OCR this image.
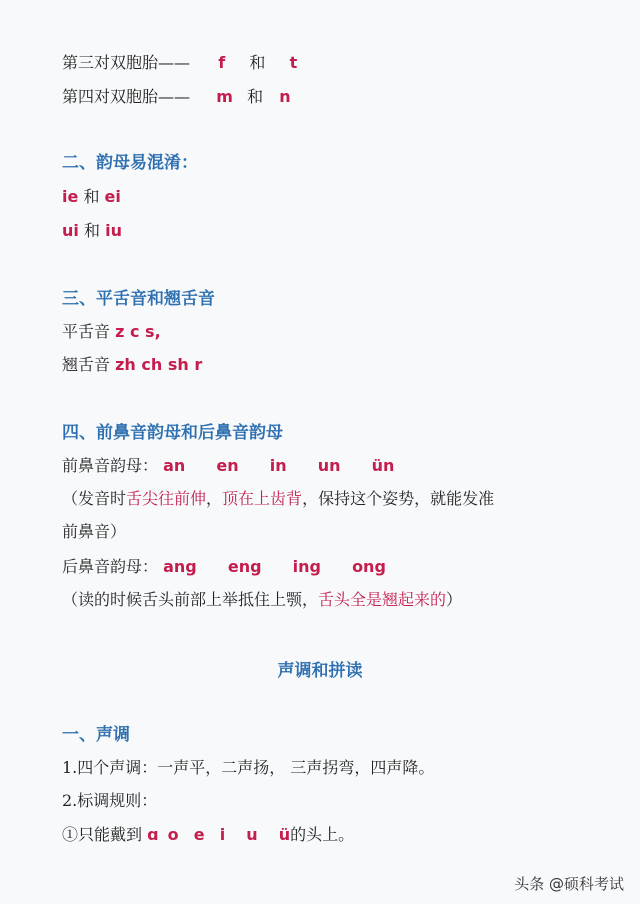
第三对双胞胎—— f 和 t
第四对双胞胎—— m 和 n
二、韵母易混淆：
ie 和 ei
ui 和 iu
三、平舌音和翘舌音
平舌音 z c s,
翘舌音 zh ch sh r
四、前鼻音韵母和后鼻音韵母
前鼻音韵母： an en in un ün
（发音时舌尖往前伸，顶在上齿背，保持这个姿势，就能发准
前鼻音）
后鼻音韵母： ang eng ing ong
（读的时候舌头前部上举抵住上颚，舌头全是翘起来的）
声调和拼读
一、声调
1.四个声调：一声平，二声扬， 三声拐弯，四声降。
2.标调规则：
①只能戴到 ɑ o e i u ü的头上。
头条 @硕科考试
